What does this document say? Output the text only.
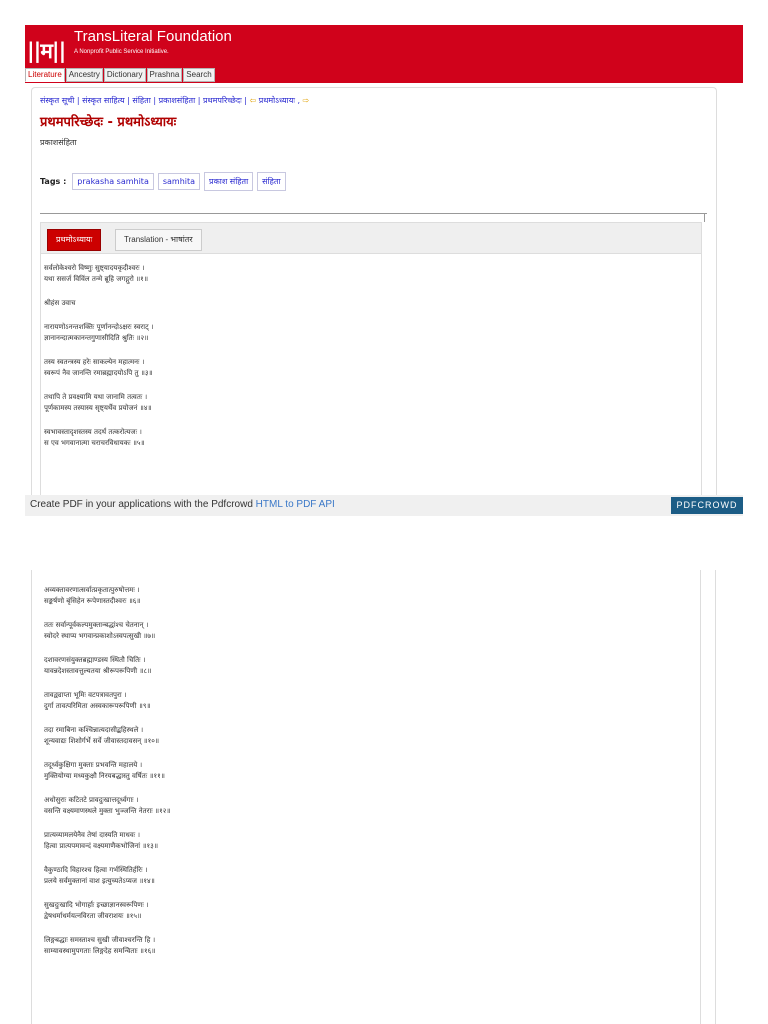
||म||
TransLiteral Foundation
A Nonprofit Public Service Initiative.
Literature Ancestry Dictionary Prashna Search
संस्कृत सूची | संस्कृत साहित्य | संहिता | प्रकाशसंहिता | प्रथमपरिच्छेदः | ⇦ प्रथमोऽध्यायः , ⇨
प्रथमपरिच्छेदः - प्रथमोऽध्यायः
प्रकाशसंहिता
Tags :	prakasha samhita	samhita	प्रकाश संहिता	संहिता
प्रथमोऽध्यायः	Translation - भाषांतर
सर्वलोकेश्वरो विष्णुः सुष्ट्यादयकृदीश्वरः ।
यथा ससर्ज विविंल तन्मे ब्रूहि जगद्गुरो ॥१॥
श्रीहंस उवाच
नारायणोऽनन्तशक्तिः पूर्णानन्दोऽक्षरः स्वराट् ।
ज्ञानानन्दात्मकानन्तगुणासीदिति श्रुतिः ॥२॥
तस्य स्वतन्त्रस्य हरेः साकल्येन महात्मनः ।
स्वरूपं नैव जानन्ति रमाब्रह्मादयोऽपि तु ॥३॥
तथापि ते प्रवक्ष्यामि यथा जानामि तत्वतः ।
पूर्णकामस्य तस्यास्य सृष्ट्यर्थैव प्रयोजनं ॥४॥
स्वभावस्तादृशस्तस्य तदर्थं तत्करोत्यजः ।
स एव भगवानात्मा चराचरविधायकः ॥५॥
Create PDF in your applications with the Pdfcrowd HTML to PDF API	PDFCROWD
अव्यक्तावरणात्सर्वात्प्रकृतात्पुरुषोत्तमः ।
सङ्कर्षणो बृंसिहेन रूपेणास्तदीश्वरः ॥६॥
ततः सर्वान्पूर्वकल्पमुक्तान्बद्धांश्च चेतनान् ।
स्वोदरे स्थाप्य भगवान्प्रकाशोऽस्वपत्सुखी ॥७॥
दशावरणसंयुक्तब्रह्माण्डस्य स्थितौ चितिः ।
यावन्नदेशस्तावत्तुल्यतया श्रीरूपरूपिणी ॥८॥
तावद्व्याप्ता भूमिः वटपत्रावतपुरा ।
दुर्गा तावत्परिमिता अस्वकारूपरूपिणी ॥९॥
तदा रमाबिना कश्चिन्नात्यदासीद्बहिस्थले ।
शून्यवाद्यः शिशोर्गर्भे सर्वे जीवास्तदावसन् ॥१०॥
तदूर्ध्वकुक्षिगा मुक्ताः प्रभवन्ति महालये ।
मुक्तियोग्या मध्यकुक्षौ निरयबद्धास्तु वर्षितः ॥११॥
अधोसुराः कटितटे प्रावदुःखात्तदूर्ध्वगाः ।
वसन्ति वक्ष्यमाणस्थले मुक्ता भुञ्जन्ति नेतराः ॥१२॥
प्रात्यव्यामलयेनैव तेषां दास्यति माधवः ।
हित्वा प्रात्यपमावन्दं वक्ष्यमाणैकभोजिनां ॥१३॥
वैकुण्ठादि विहारश्च हित्वा गर्भस्थितिर्हरिः ।
प्रलये सर्वमुक्तानां वाश इत्युच्यतेऽप्यज ॥१४॥
सुखदुःखादि भोगार्हाः इच्छाज्ञानस्वरूपिणः ।
द्वेषधर्माधर्मयत्नविरता जीवराशयः ॥१५॥
लिङ्गबद्धाः समस्ताश्च सुखी जीवाश्चरन्ति हि ।
साम्यावस्थामुपगताः लिङ्गदेह समन्विताः ॥१६॥
